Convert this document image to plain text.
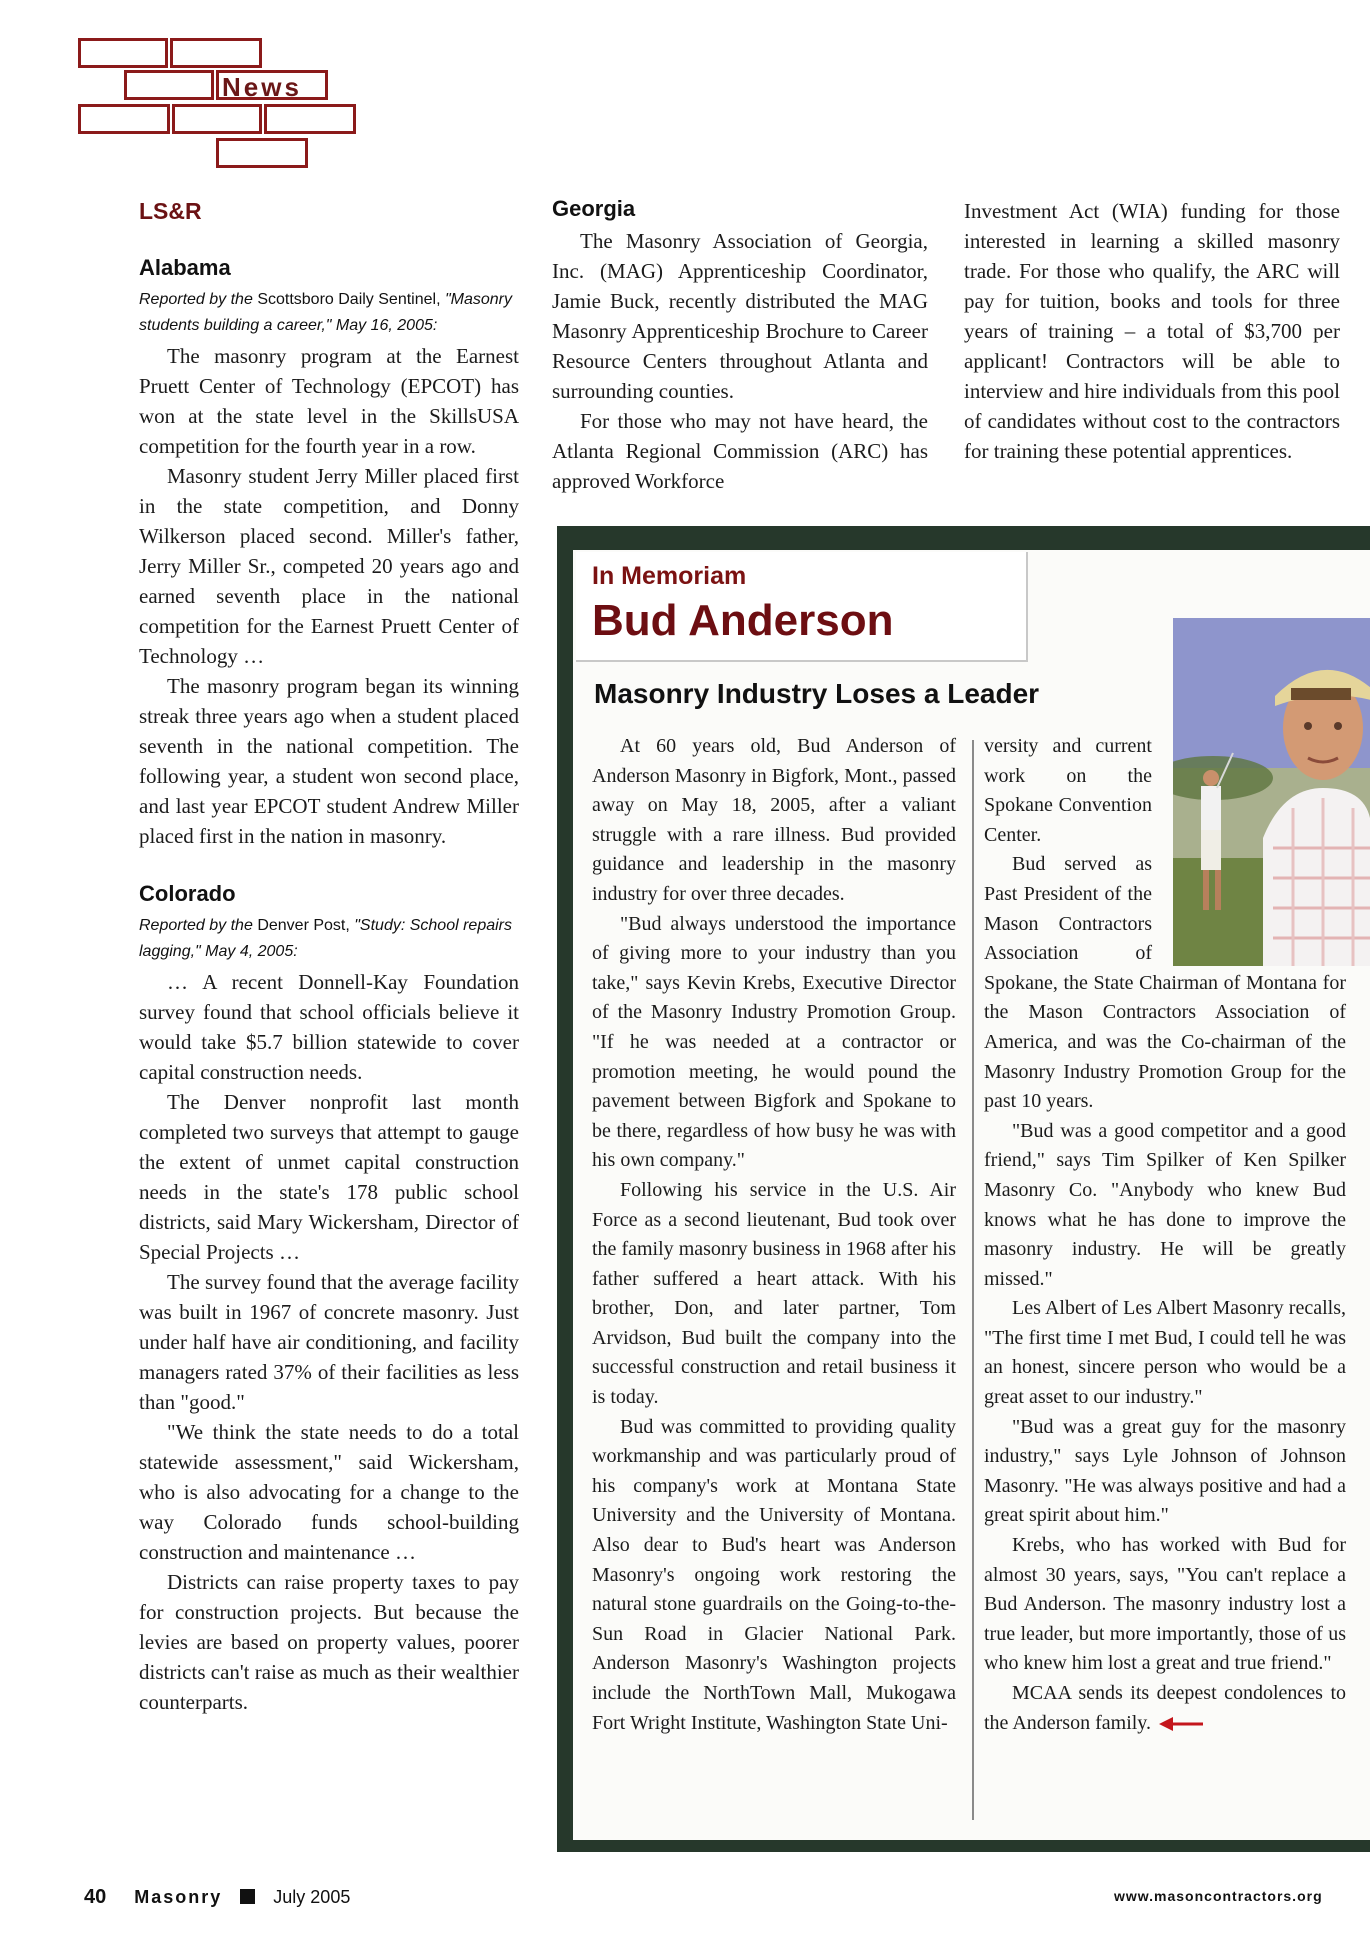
News
LS&R
Alabama
Reported by the Scottsboro Daily Sentinel, "Masonry students building a career," May 16, 2005:

The masonry program at the Earnest Pruett Center of Technology (EPCOT) has won at the state level in the SkillsUSA competition for the fourth year in a row.

Masonry student Jerry Miller placed first in the state competition, and Donny Wilkerson placed second. Miller's father, Jerry Miller Sr., competed 20 years ago and earned seventh place in the national competition for the Earnest Pruett Center of Technology …

The masonry program began its winning streak three years ago when a student placed seventh in the national competition. The following year, a student won second place, and last year EPCOT student Andrew Miller placed first in the nation in masonry.

Colorado
Reported by the Denver Post, "Study: School repairs lagging," May 4, 2005:

… A recent Donnell-Kay Foundation survey found that school officials believe it would take $5.7 billion statewide to cover capital construction needs.

The Denver nonprofit last month completed two surveys that attempt to gauge the extent of unmet capital construction needs in the state's 178 public school districts, said Mary Wickersham, Director of Special Projects …

The survey found that the average facility was built in 1967 of concrete masonry. Just under half have air conditioning, and facility managers rated 37% of their facilities as less than "good."

"We think the state needs to do a total statewide assessment," said Wickersham, who is also advocating for a change to the way Colorado funds school-building construction and maintenance …

Districts can raise property taxes to pay for construction projects. But because the levies are based on property values, poorer districts can't raise as much as their wealthier counterparts.

Georgia

The Masonry Association of Georgia, Inc. (MAG) Apprenticeship Coordinator, Jamie Buck, recently distributed the MAG Masonry Apprenticeship Brochure to Career Resource Centers throughout Atlanta and surrounding counties.

For those who may not have heard, the Atlanta Regional Commission (ARC) has approved Workforce

Investment Act (WIA) funding for those interested in learning a skilled masonry trade. For those who qualify, the ARC will pay for tuition, books and tools for three years of training – a total of $3,700 per applicant! Contractors will be able to interview and hire individuals from this pool of candidates without cost to the contractors for training these potential apprentices.

In Memoriam
Bud Anderson
Masonry Industry Loses a Leader

At 60 years old, Bud Anderson of Anderson Masonry in Bigfork, Mont., passed away on May 18, 2005, after a valiant struggle with a rare illness. Bud provided guidance and leadership in the masonry industry for over three decades.

"Bud always understood the importance of giving more to your industry than you take," says Kevin Krebs, Executive Director of the Masonry Industry Promotion Group. "If he was needed at a contractor or promotion meeting, he would pound the pavement between Bigfork and Spokane to be there, regardless of how busy he was with his own company."

Following his service in the U.S. Air Force as a second lieutenant, Bud took over the family masonry business in 1968 after his father suffered a heart attack. With his brother, Don, and later partner, Tom Arvidson, Bud built the company into the successful construction and retail business it is today.

Bud was committed to providing quality workmanship and was particularly proud of his company's work at Montana State University and the University of Montana. Also dear to Bud's heart was Anderson Masonry's ongoing work restoring the natural stone guardrails on the Going-to-the-Sun Road in Glacier National Park. Anderson Masonry's Washington projects include the NorthTown Mall, Mukogawa Fort Wright Institute, Washington State Uni-

versity and current work on the Spokane Convention Center.

Bud served as Past President of the Mason Contractors Association of Spokane, the State Chairman of Montana for the Mason Contractors Association of America, and was the Co-chairman of the Masonry Industry Promotion Group for the past 10 years.

"Bud was a good competitor and a good friend," says Tim Spilker of Ken Spilker Masonry Co. "Anybody who knew Bud knows what he has done to improve the masonry industry. He will be greatly missed."

Les Albert of Les Albert Masonry recalls, "The first time I met Bud, I could tell he was an honest, sincere person who would be a great asset to our industry."

"Bud was a great guy for the masonry industry," says Lyle Johnson of Johnson Masonry. "He was always positive and had a great spirit about him."

Krebs, who has worked with Bud for almost 30 years, says, "You can't replace a Bud Anderson. The masonry industry lost a true leader, but more importantly, those of us who knew him lost a great and true friend."

MCAA sends its deepest condolences to the Anderson family.

40 Masonry	July 2005	www.masoncontractors.org
